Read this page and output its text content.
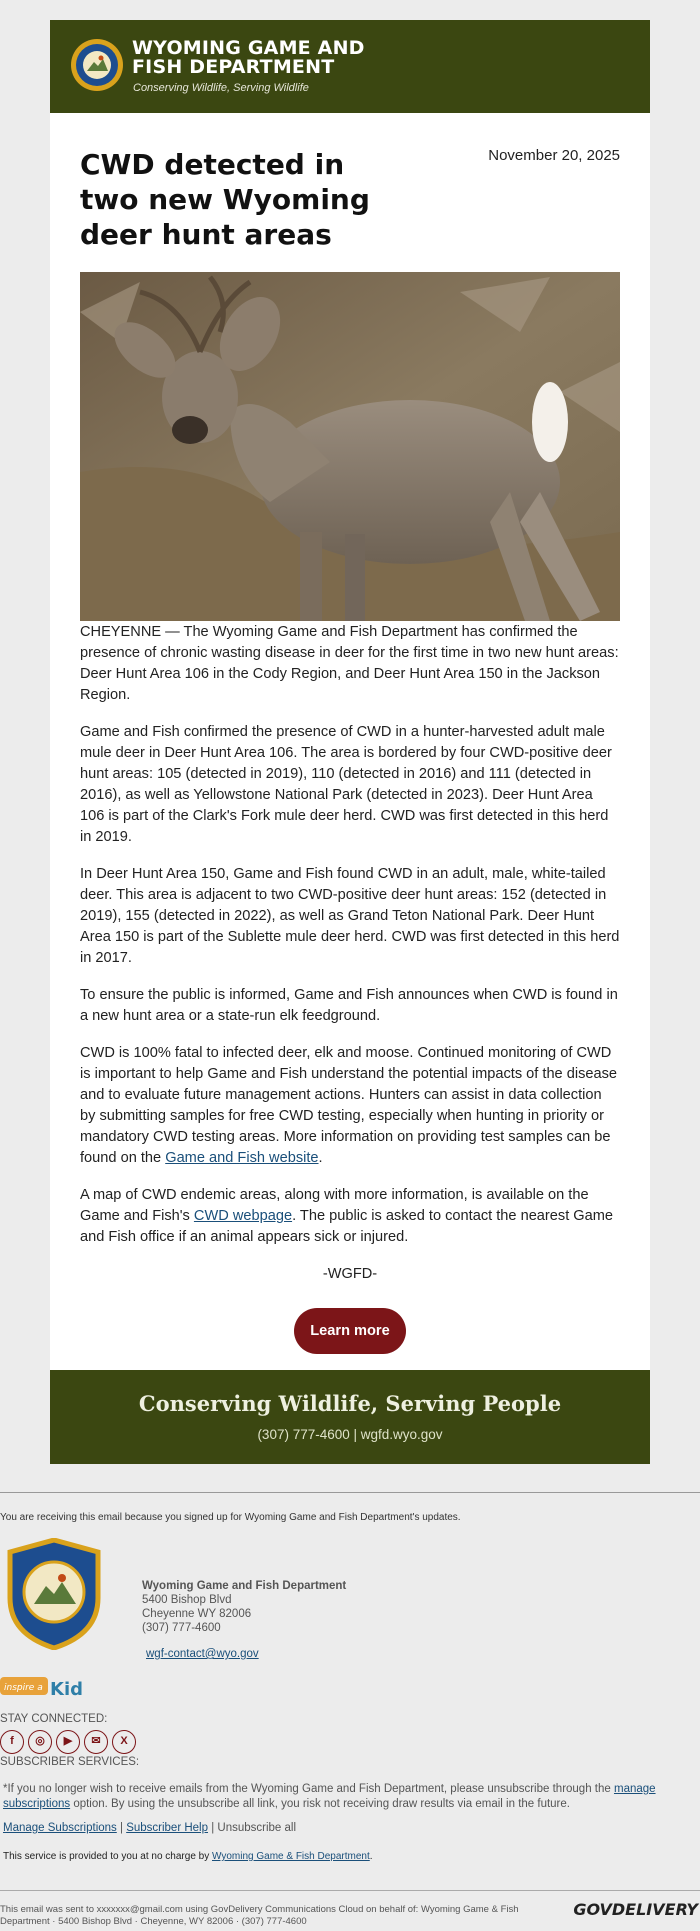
WYOMING GAME AND
FISH DEPARTMENT
Conserving Wildlife, Serving Wildlife
CWD detected in two new Wyoming deer hunt areas
November 20, 2025

CHEYENNE — The Wyoming Game and Fish Department has confirmed the presence of chronic wasting disease in deer for the first time in two new hunt areas: Deer Hunt Area 106 in the Cody Region, and Deer Hunt Area 150 in the Jackson Region.

Game and Fish confirmed the presence of CWD in a hunter-harvested adult male mule deer in Deer Hunt Area 106. The area is bordered by four CWD-positive deer hunt areas: 105 (detected in 2019), 110 (detected in 2016) and 111 (detected in 2016), as well as Yellowstone National Park (detected in 2023). Deer Hunt Area 106 is part of the Clark's Fork mule deer herd. CWD was first detected in this herd in 2019.

In Deer Hunt Area 150, Game and Fish found CWD in an adult, male, white-tailed deer. This area is adjacent to two CWD-positive deer hunt areas: 152 (detected in 2019), 155 (detected in 2022), as well as Grand Teton National Park. Deer Hunt Area 150 is part of the Sublette mule deer herd. CWD was first detected in this herd in 2017.

To ensure the public is informed, Game and Fish announces when CWD is found in a new hunt area or a state-run elk feedground.

CWD is 100% fatal to infected deer, elk and moose. Continued monitoring of CWD is important to help Game and Fish understand the potential impacts of the disease and to evaluate future management actions. Hunters can assist in data collection by submitting samples for free CWD testing, especially when hunting in priority or mandatory CWD testing areas. More information on providing test samples can be found on the Game and Fish website.

A map of CWD endemic areas, along with more information, is available on the Game and Fish's CWD webpage. The public is asked to contact the nearest Game and Fish office if an animal appears sick or injured.

-WGFD-
Learn more
Conserving Wildlife, Serving People
(307) 777-4600 | wgfd.wyo.gov
You are receiving this email because you signed up for Wyoming Game and Fish Department's updates.
Wyoming Game and Fish Department
5400 Bishop Blvd
Cheyenne WY 82006
(307) 777-4600
wgf-contact@wyo.gov
inspire a Kid
STAY CONNECTED:
f ◎ ▶ ✉ X
SUBSCRIBER SERVICES:
*If you no longer wish to receive emails from the Wyoming Game and Fish Department, please unsubscribe through the manage subscriptions option. By using the unsubscribe all link, you risk not receiving draw results via email in the future.
Manage Subscriptions | Subscriber Help | Unsubscribe all
This service is provided to you at no charge by Wyoming Game & Fish Department.
This email was sent to xxxxxxx@gmail.com using GovDelivery Communications Cloud on behalf of: Wyoming Game & Fish Department · 5400 Bishop Blvd · Cheyenne, WY 82006 · (307) 777-4600
GOVDELIVERY
